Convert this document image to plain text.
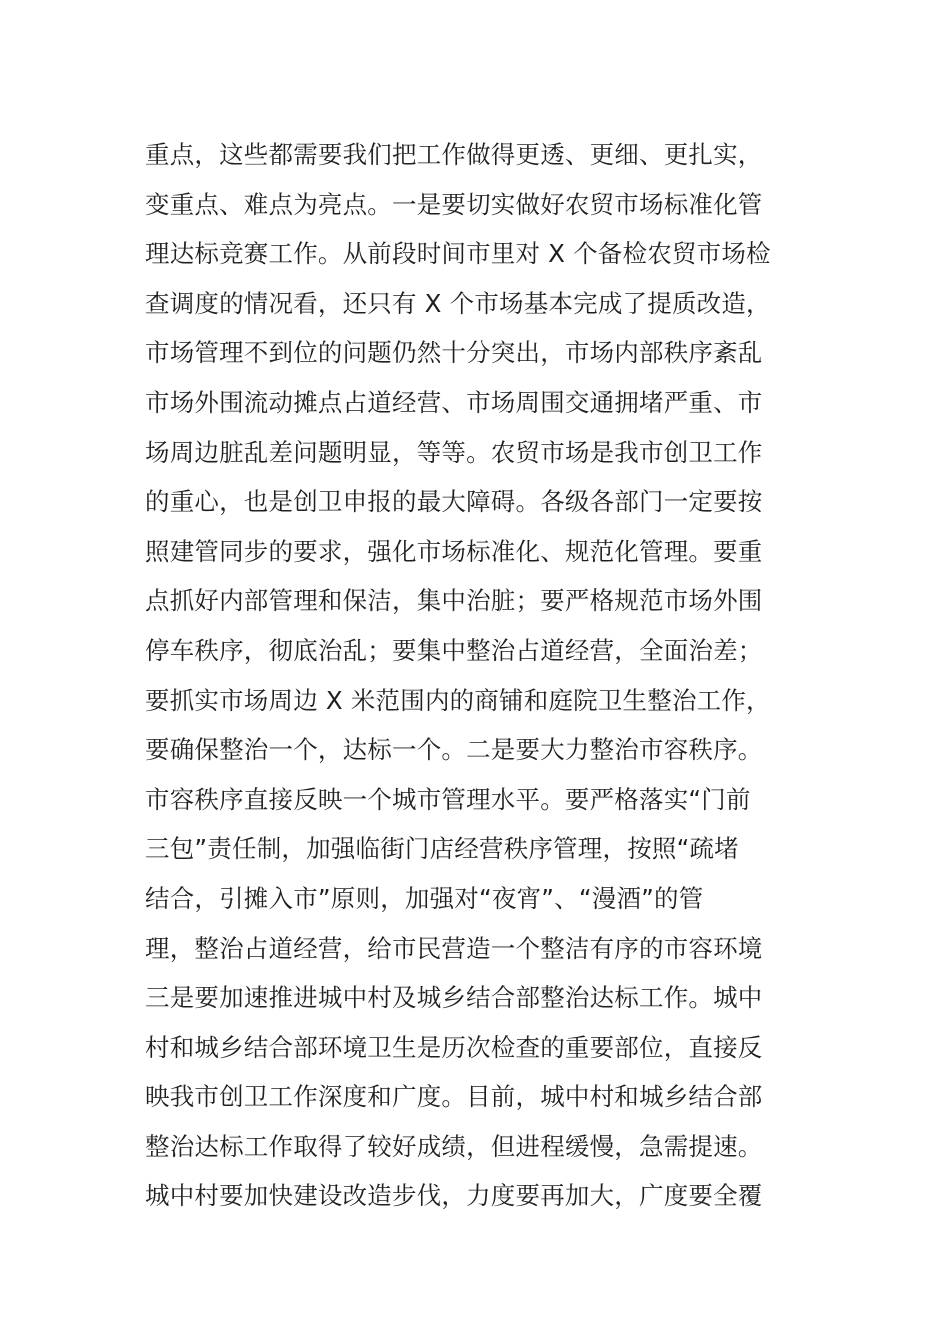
重点，这些都需要我们把工作做得更透、更细、更扎实，
变重点、难点为亮点。一是要切实做好农贸市场标准化管
理达标竞赛工作。从前段时间市里对 X 个备检农贸市场检
查调度的情况看，还只有 X 个市场基本完成了提质改造，
市场管理不到位的问题仍然十分突出，市场内部秩序紊乱
市场外围流动摊点占道经营、市场周围交通拥堵严重、市
场周边脏乱差问题明显，等等。农贸市场是我市创卫工作
的重心，也是创卫申报的最大障碍。各级各部门一定要按
照建管同步的要求，强化市场标准化、规范化管理。要重
点抓好内部管理和保洁，集中治脏；要严格规范市场外围
停车秩序，彻底治乱；要集中整治占道经营，全面治差；
要抓实市场周边 X 米范围内的商铺和庭院卫生整治工作，
要确保整治一个，达标一个。二是要大力整治市容秩序。
市容秩序直接反映一个城市管理水平。要严格落实“门前
三包”责任制，加强临街门店经营秩序管理，按照“疏堵
结合，引摊入市”原则，加强对“夜宵”、“漫酒”的管
理，整治占道经营，给市民营造一个整洁有序的市容环境
三是要加速推进城中村及城乡结合部整治达标工作。城中
村和城乡结合部环境卫生是历次检查的重要部位，直接反
映我市创卫工作深度和广度。目前，城中村和城乡结合部
整治达标工作取得了较好成绩，但进程缓慢，急需提速。
城中村要加快建设改造步伐，力度要再加大，广度要全覆
